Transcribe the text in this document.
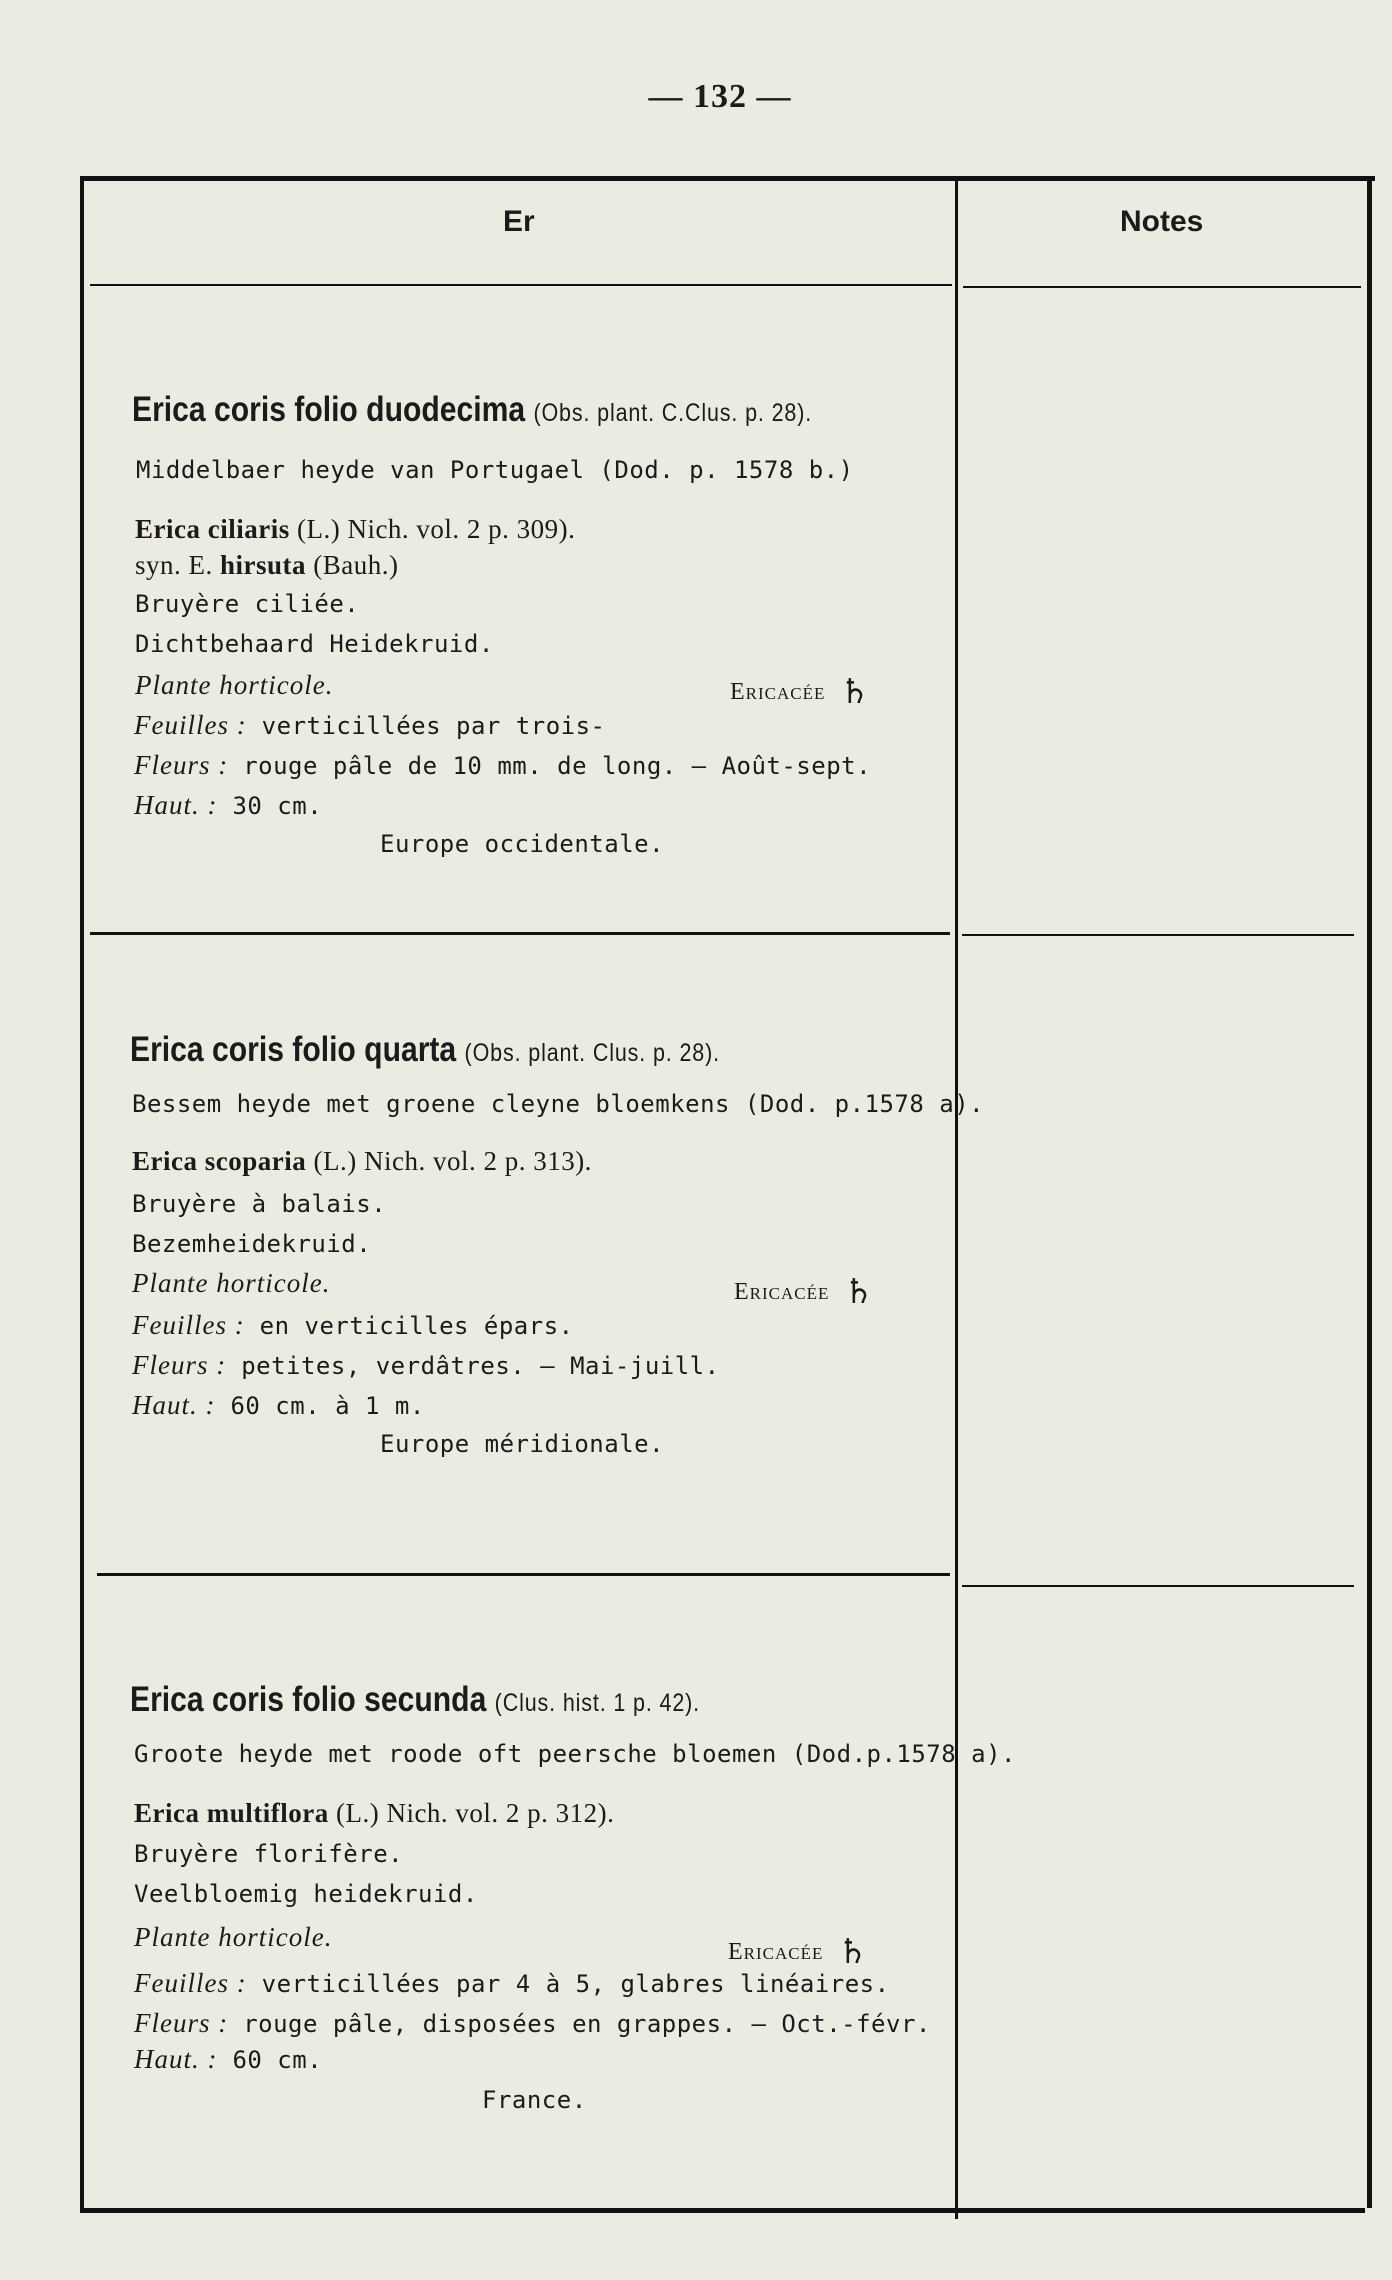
— 132 —
Er	Notes
Erica coris folio duodecima (Obs. plant. C.Clus. p. 28).
Middelbaer heyde van Portugael (Dod. p. 1578 b.)
Erica ciliaris (L.) Nich. vol. 2 p. 309).
syn. E. hirsuta (Bauh.)
Bruyère ciliée.
Dichtbehaard Heidekruid.
Plante horticole.	Ericacée ♄
Feuilles : verticillées par trois-
Fleurs : rouge pâle de 10 mm. de long. — Août-sept.
Haut. : 30 cm.
Europe occidentale.
Erica coris folio quarta (Obs. plant. Clus. p. 28).
Bessem heyde met groene cleyne bloemkens (Dod. p.1578 a).
Erica scoparia (L.) Nich. vol. 2 p. 313).
Bruyère à balais.
Bezemheidekruid.
Plante horticole.	Ericacée ♄
Feuilles : en verticilles épars.
Fleurs : petites, verdâtres. — Mai-juill.
Haut. : 60 cm. à 1 m.
Europe méridionale.
Erica coris folio secunda (Clus. hist. 1 p. 42).
Groote heyde met roode oft peersche bloemen (Dod.p.1578 a).
Erica multiflora (L.) Nich. vol. 2 p. 312).
Bruyère florifère.
Veelbloemig heidekruid.
Plante horticole.	Ericacée ♄
Feuilles : verticillées par 4 à 5, glabres linéaires.
Fleurs : rouge pâle, disposées en grappes. — Oct.-févr.
Haut. : 60 cm.
France.
